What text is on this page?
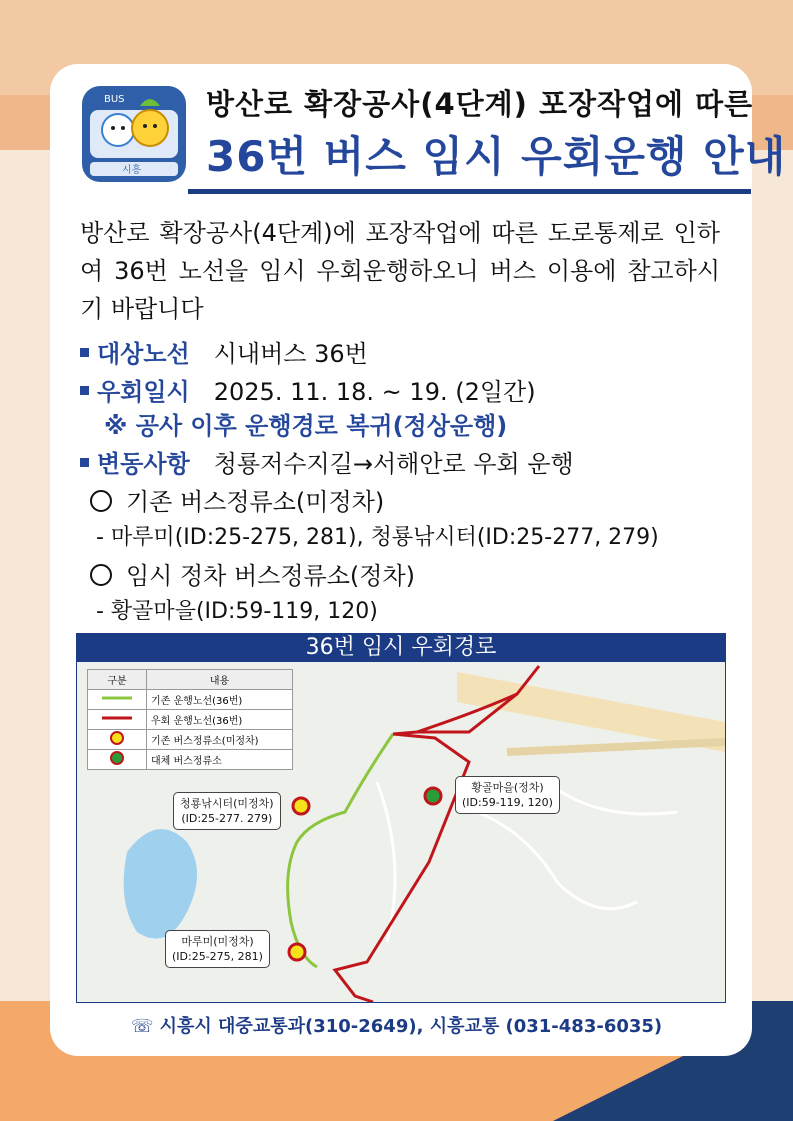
BUS
시흥
방산로 확장공사(4단계) 포장작업에 따른
36번 버스 임시 우회운행 안내
방산로 확장공사(4단계)에 포장작업에 따른 도로통제로 인하여 36번 노선을 임시 우회운행하오니 버스 이용에 참고하시기 바랍니다
대상노선 시내버스 36번
우회일시 2025. 11. 18. ~ 19. (2일간)
※ 공사 이후 운행경로 복귀(정상운행)
변동사항 청룡저수지길→서해안로 우회 운행
기존 버스정류소(미정차)
- 마루미(ID:25-275, 281), 청룡낚시터(ID:25-277, 279)
임시 정차 버스정류소(정차)
- 황골마을(ID:59-119, 120)
36번 임시 우회경로
구분	내용
	기존 운행노선(36번)
	우회 운행노선(36번)
	기존 버스정류소(미정차)
	대체 버스정류소
청룡낚시터(미정차)
(ID:25-277. 279)
황골마을(정차)
(ID:59-119, 120)
마루미(미정차)
(ID:25-275, 281)
☏ 시흥시 대중교통과(310-2649), 시흥교통 (031-483-6035)
